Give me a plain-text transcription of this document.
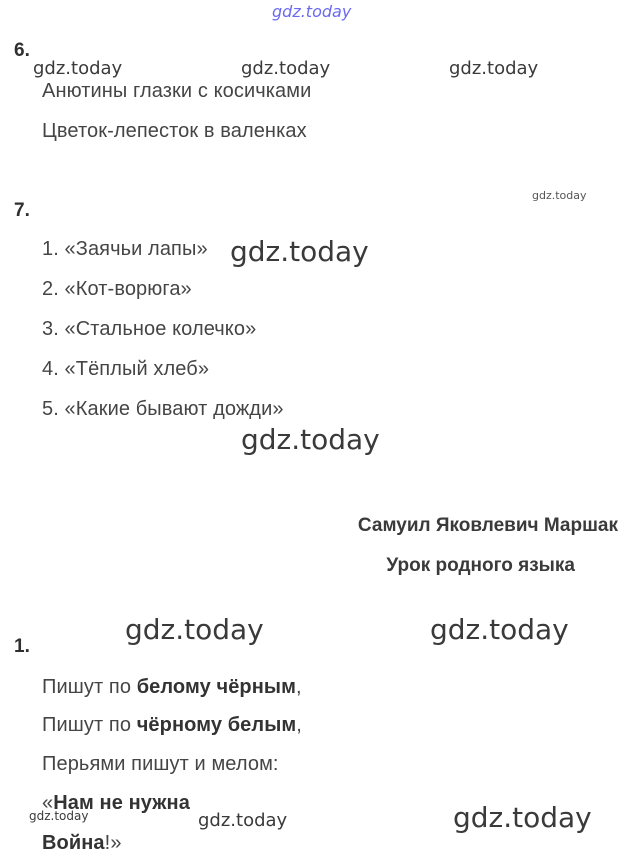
gdz.today
6.
gdz.today	gdz.today	gdz.today
Анютины глазки с косичками
Цветок-лепесток в валенках
7.
gdz.today
1. «Заячьи лапы» gdz.today
2. «Кот-ворюга»
3. «Стальное колечко»
4. «Тёплый хлеб»
5. «Какие бывают дожди»
gdz.today
Самуил Яковлевич Маршак
Урок родного языка
gdz.today	gdz.today
1.
Пишут по белому чёрным,
Пишут по чёрному белым,
Перьями пишут и мелом:
«Нам не нужна
gdz.today	gdz.today	gdz.today
Война!»
